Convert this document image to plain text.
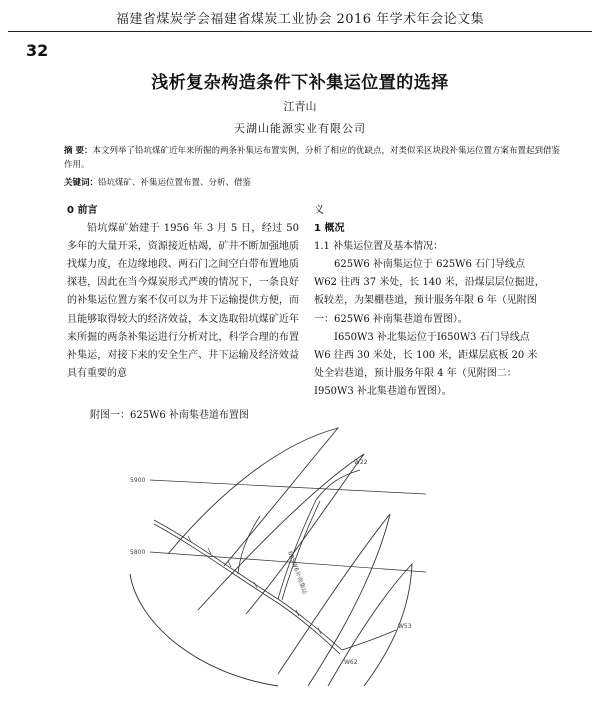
福建省煤炭学会福建省煤炭工业协会 2016 年学术年会论文集
32
浅析复杂构造条件下补集运位置的选择
江青山
天湖山能源实业有限公司
摘 要：本文列举了铅坑煤矿近年来所掘的两条补集运布置实例，分析了相应的优缺点，对类似采区块段补集运位置方案布置起到借鉴作用。
关键词：铅坑煤矿、补集运位置布置、分析、借鉴

0 前言

铅坑煤矿始建于 1956 年 3 月 5 日，经过 50 多年的大量开采，资源接近枯竭，矿井不断加强地质找煤力度，在边缘地段、两石门之间空白带布置地质探巷，因此在当今煤炭形式严竣的情况下，一条良好的补集运位置方案不仅可以为井下运输提供方便，而且能够取得较大的经济效益，本文选取铅坑煤矿近年来所掘的两条补集运进行分析对比，科学合理的布置补集运，对接下来的安全生产、井下运输及经济效益具有重要的意

义

1 概况

1.1 补集运位置及基本情况：

625W6 补南集运位于 625W6 石门导线点 W62 往西 37 米处，长 140 米，沿煤层层位掘进，板较差，为架棚巷道，预计服务年限 6 年（见附图一：625W6 补南集巷道布置图）。

Ⅰ650W3 补北集运位于Ⅰ650W3 石门导线点 W6 往西 30 米处，长 100 米，距煤层底板 20 米处全岩巷道，预计服务年限 4 年（见附图二：Ⅰ950W3 补北集巷道布置图）。

附图一：625W6 补南集巷道布置图
5900
5800
W22
W53
W62
625W6补南集运
